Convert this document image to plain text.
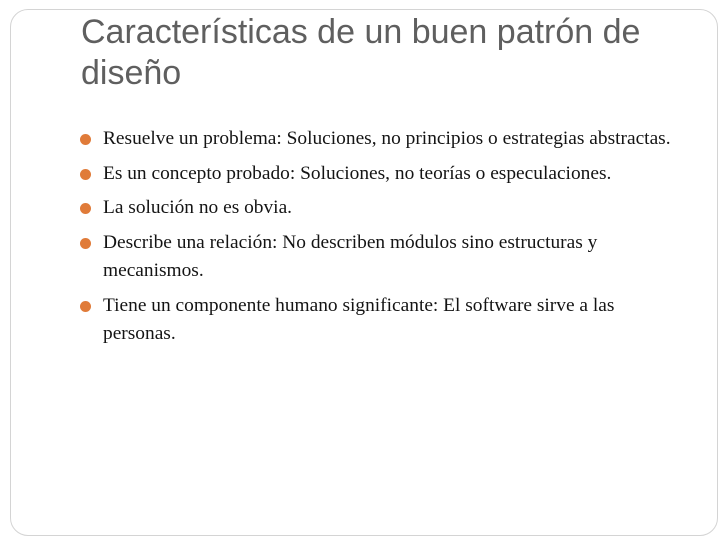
Características de un buen patrón de diseño
Resuelve un problema: Soluciones, no principios o estrategias abstractas.
Es un concepto probado: Soluciones, no teorías o especulaciones.
La solución no es obvia.
Describe una relación: No describen módulos sino estructuras y mecanismos.
Tiene un componente humano significante: El software sirve a las personas.
